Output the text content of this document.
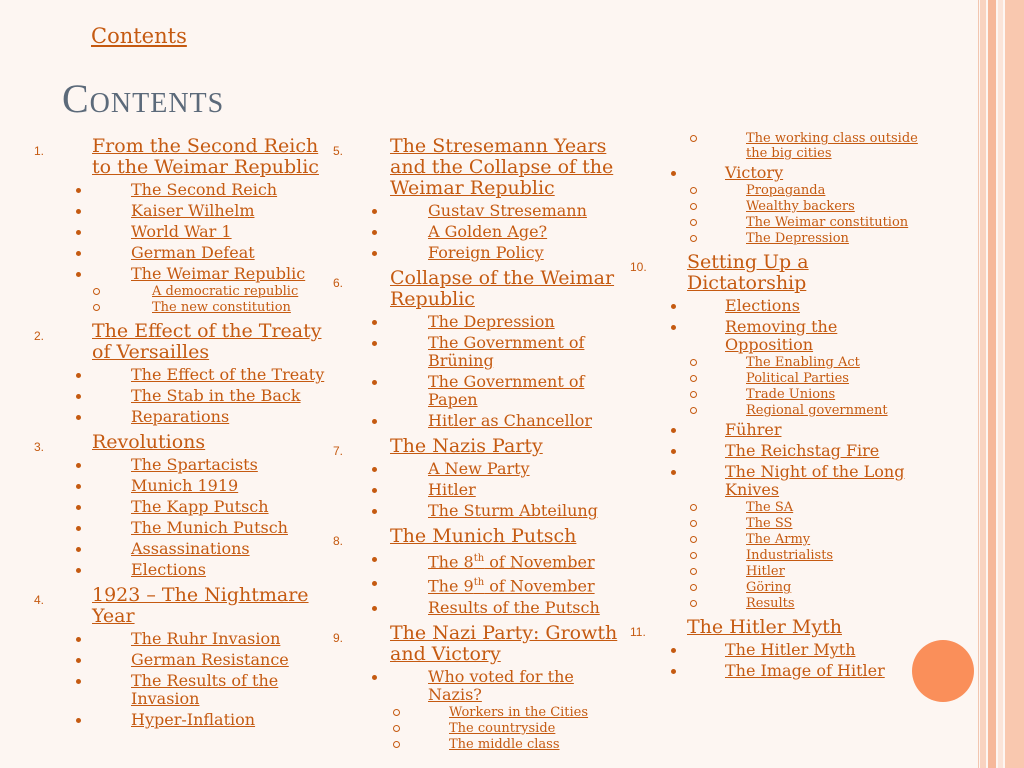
Contents
Contents
1.	From the Second Reich to the Weimar Republic
The Second Reich
Kaiser Wilhelm
World War 1
German Defeat
The Weimar Republic
A democratic republic
The new constitution
2.	The Effect of the Treaty of Versailles
The Effect of the Treaty
The Stab in the Back
Reparations
3.	Revolutions
The Spartacists
Munich 1919
The Kapp Putsch
The Munich Putsch
Assassinations
Elections
4.	1923 – The Nightmare Year
The Ruhr Invasion
German Resistance
The Results of the Invasion
Hyper-Inflation
5. The Stresemann Years and the Collapse of the Weimar Republic
Gustav Stresemann
A Golden Age?
Foreign Policy
6. Collapse of the Weimar Republic
The Depression
The Government of Brüning
The Government of Papen
Hitler as Chancellor
7. The Nazis Party
A New Party
Hitler
The Sturm Abteilung
8. The Munich Putsch
The 8th of November
The 9th of November
Results of the Putsch
9. The Nazi Party: Growth and Victory
Who voted for the Nazis?
Workers in the Cities
The countryside
The middle class
The working class outside the big cities
Victory
Propaganda
Wealthy backers
The Weimar constitution
The Depression
10. Setting Up a Dictatorship
Elections
Removing the Opposition
The Enabling Act
Political Parties
Trade Unions
Regional government
Führer
The Reichstag Fire
The Night of the Long Knives
The SA
The SS
The Army
Industrialists
Hitler
Göring
Results
11. The Hitler Myth
The Hitler Myth
The Image of Hitler
